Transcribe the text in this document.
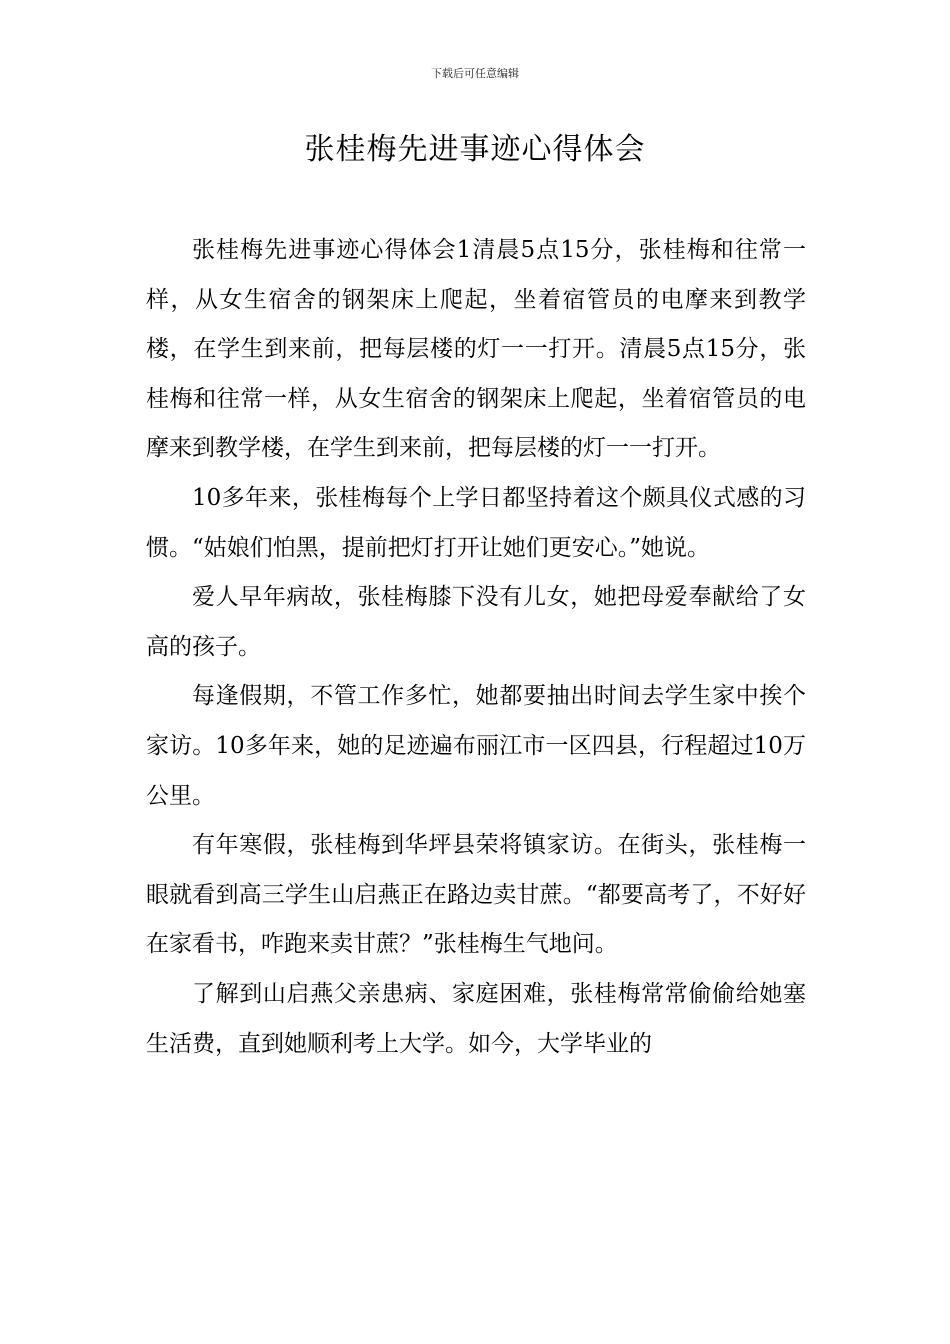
下载后可任意编辑
张桂梅先进事迹心得体会

张桂梅先进事迹心得体会1清晨5点15分，张桂梅和往常一样，从女生宿舍的钢架床上爬起，坐着宿管员的电摩来到教学楼，在学生到来前，把每层楼的灯一一打开。清晨5点15分，张桂梅和往常一样，从女生宿舍的钢架床上爬起，坐着宿管员的电摩来到教学楼，在学生到来前，把每层楼的灯一一打开。

10多年来，张桂梅每个上学日都坚持着这个颇具仪式感的习惯。“姑娘们怕黑，提前把灯打开让她们更安心。”她说。

爱人早年病故，张桂梅膝下没有儿女，她把母爱奉献给了女高的孩子。

每逢假期，不管工作多忙，她都要抽出时间去学生家中挨个家访。10多年来，她的足迹遍布丽江市一区四县，行程超过10万公里。

有年寒假，张桂梅到华坪县荣将镇家访。在街头，张桂梅一眼就看到高三学生山启燕正在路边卖甘蔗。“都要高考了，不好好在家看书，咋跑来卖甘蔗？”张桂梅生气地问。

了解到山启燕父亲患病、家庭困难，张桂梅常常偷偷给她塞生活费，直到她顺利考上大学。如今，大学毕业的
